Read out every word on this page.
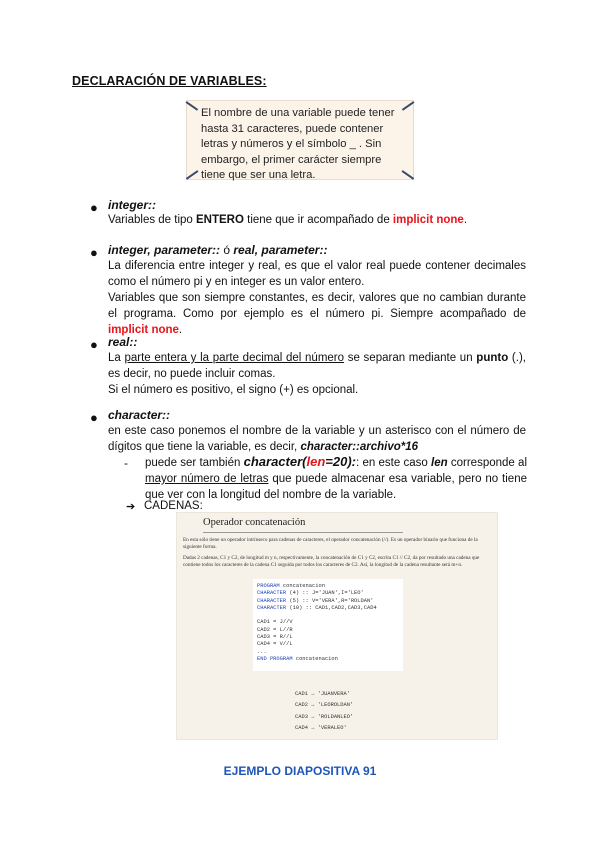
DECLARACIÓN DE VARIABLES:
El nombre de una variable puede tener hasta 31 caracteres, puede contener letras y números y el símbolo _ . Sin embargo, el primer carácter siempre tiene que ser una letra.
● integer::
Variables de tipo ENTERO tiene que ir acompañado de implicit none.
● integer, parameter:: ó real, parameter::
La diferencia entre integer y real, es que el valor real puede contener decimales como el número pi y en integer es un valor entero.
Variables que son siempre constantes, es decir, valores que no cambian durante el programa. Como por ejemplo es el número pi. Siempre acompañado de implicit none.
● real::
La parte entera y la parte decimal del número se separan mediante un punto (.), es decir, no puede incluir comas.
Si el número es positivo, el signo (+) es opcional.
● character::
en este caso ponemos el nombre de la variable y un asterisco con el número de dígitos que tiene la variable, es decir, character::archivo*16
- puede ser también character(len=20):: en este caso len corresponde al mayor número de letras que puede almacenar esa variable, pero no tiene que ver con la longitud del nombre de la variable.
➔ CADENAS:
Operador concatenación
En esta sólo tiene un operador intrínseco para cadenas de caracteres, el operador concatenación (//). Es un operador binario que funciona de la siguiente forma.
Dadas 2 cadenas, C1 y C2, de longitud m y n, respectivamente, la concatenación de C1 y C2, escrita C1 // C2, da por resultado una cadena que contiene todos los caracteres de la cadena C1 seguida por todos los caracteres de C2. Así, la longitud de la cadena resultante será m+n.
PROGRAM concatenacion
CHARACTER (4) :: J='JUAN',I='LEO'
CHARACTER (5) :: V='VERA',R='ROLDAN'
CHARACTER (10) :: CAD1,CAD2,CAD3,CAD4

CAD1 = J//V
CAD2 = L//R
CAD3 = R//L
CAD4 = V//L
...
END PROGRAM concatenacion
CAD1 → 'JUANVERA'
CAD2 → 'LEOROLDAN'
CAD3 → 'ROLDANLEO'
CAD4 → 'VERALEO'
EJEMPLO DIAPOSITIVA 91
